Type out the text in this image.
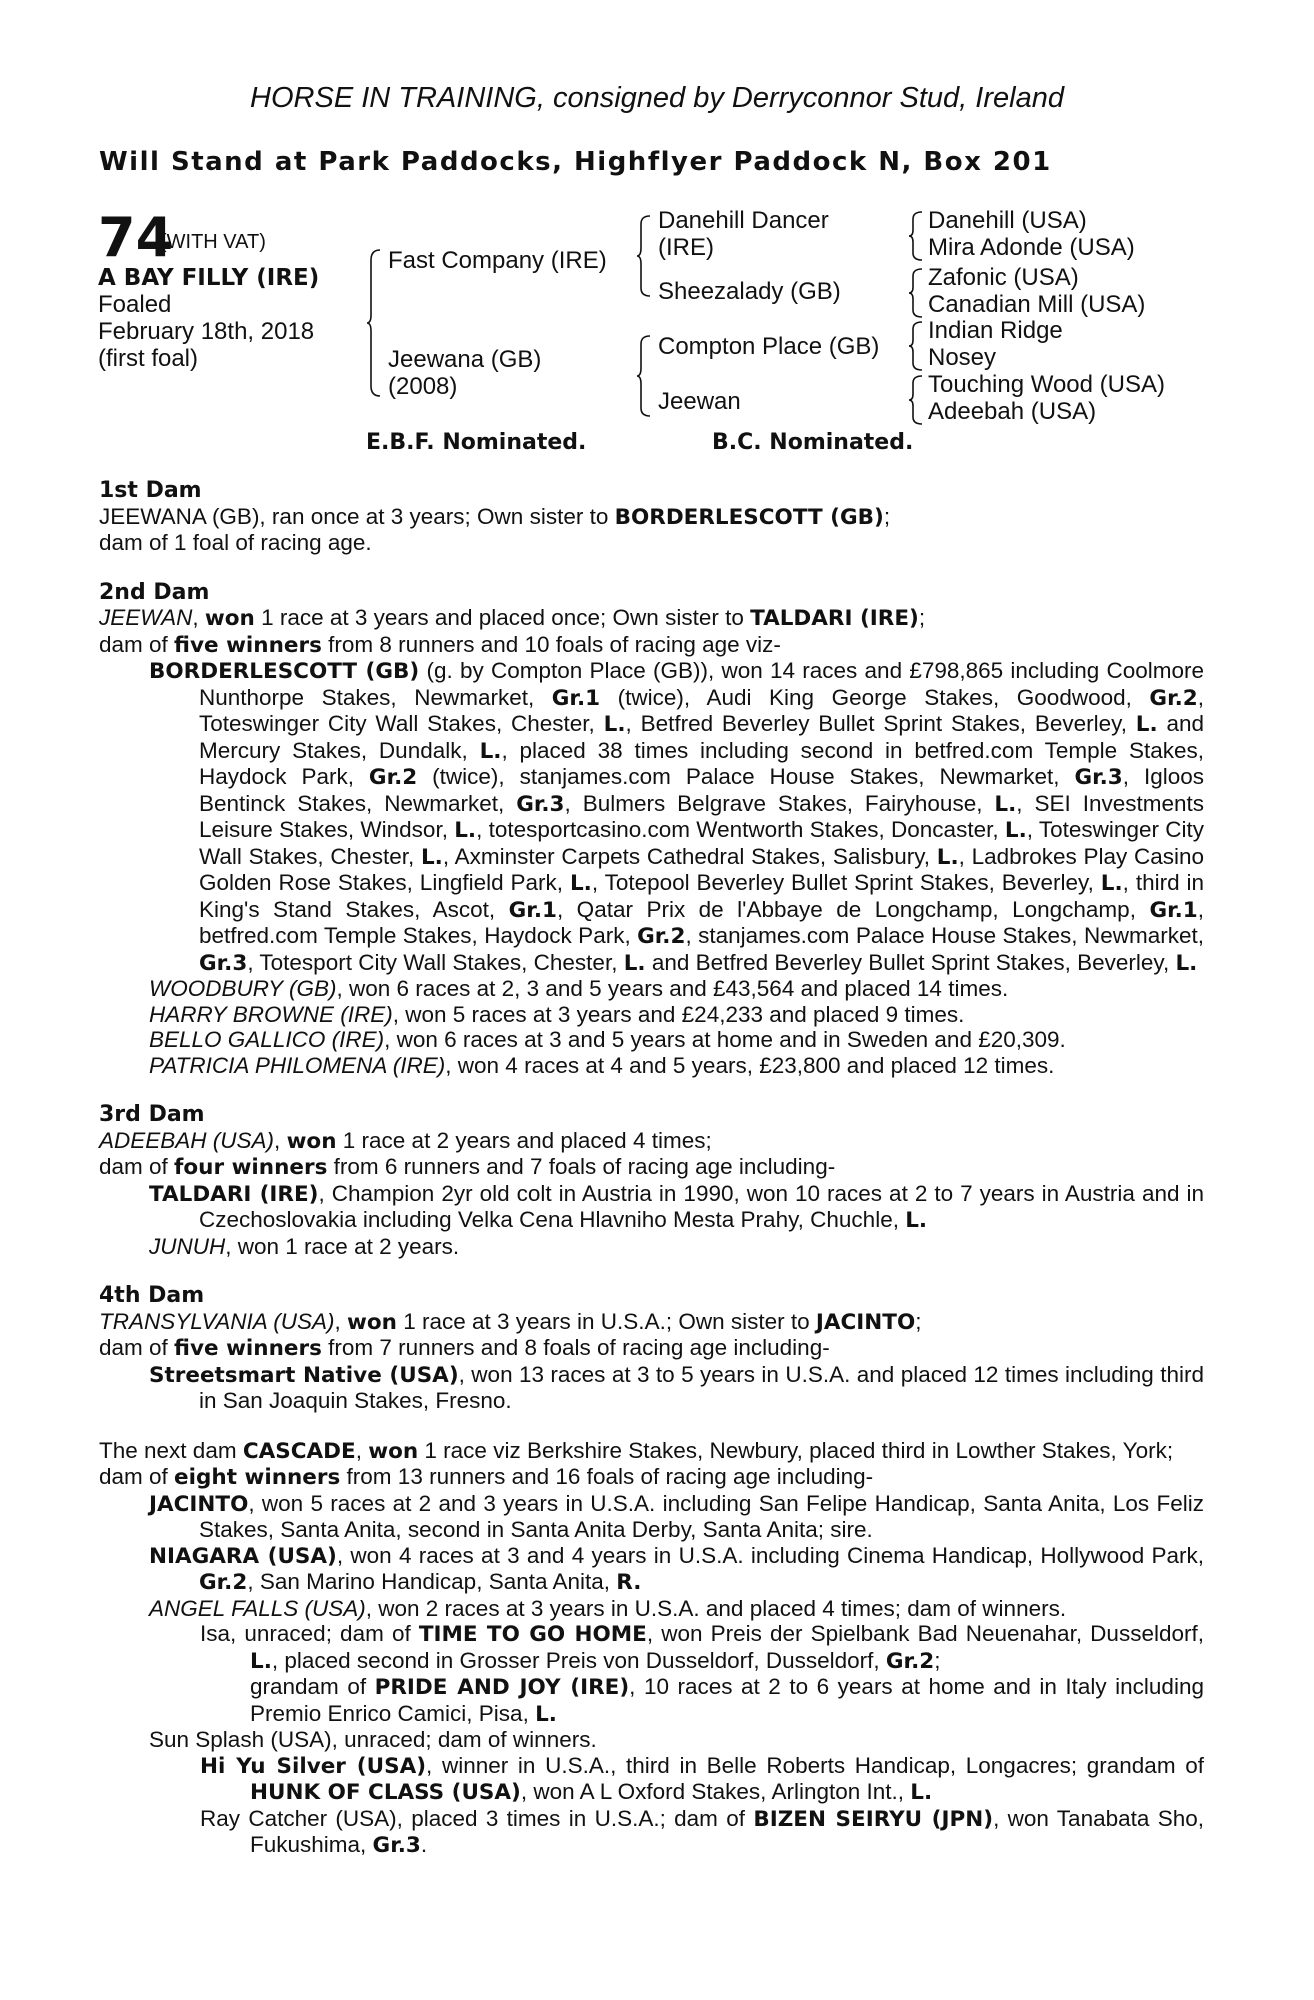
HORSE IN TRAINING, consigned by Derryconnor Stud, Ireland
Will Stand at Park Paddocks, Highflyer Paddock N, Box 201
74
(WITH VAT)
A BAY FILLY (IRE)
Foaled
February 18th, 2018
(first foal)
Fast Company (IRE)
Jeewana (GB)
(2008)
Danehill Dancer
(IRE)
Sheezalady (GB)
Compton Place (GB)
Jeewan
Danehill (USA)
Mira Adonde (USA)
Zafonic (USA)
Canadian Mill (USA)
Indian Ridge
Nosey
Touching Wood (USA)
Adeebah (USA)
E.B.F. Nominated.	B.C. Nominated.
1st Dam
JEEWANA (GB), ran once at 3 years; Own sister to BORDERLESCOTT (GB);
dam of 1 foal of racing age.
2nd Dam
JEEWAN, won 1 race at 3 years and placed once; Own sister to TALDARI (IRE);
dam of five winners from 8 runners and 10 foals of racing age viz-
BORDERLESCOTT (GB) (g. by Compton Place (GB)), won 14 races and £798,865 including Coolmore Nunthorpe Stakes, Newmarket, Gr.1 (twice), Audi King George Stakes, Goodwood, Gr.2, Toteswinger City Wall Stakes, Chester, L., Betfred Beverley Bullet Sprint Stakes, Beverley, L. and Mercury Stakes, Dundalk, L., placed 38 times including second in betfred.com Temple Stakes, Haydock Park, Gr.2 (twice), stanjames.com Palace House Stakes, Newmarket, Gr.3, Igloos Bentinck Stakes, Newmarket, Gr.3, Bulmers Belgrave Stakes, Fairyhouse, L., SEI Investments Leisure Stakes, Windsor, L., totesportcasino.com Wentworth Stakes, Doncaster, L., Toteswinger City Wall Stakes, Chester, L., Axminster Carpets Cathedral Stakes, Salisbury, L., Ladbrokes Play Casino Golden Rose Stakes, Lingfield Park, L., Totepool Beverley Bullet Sprint Stakes, Beverley, L., third in King's Stand Stakes, Ascot, Gr.1, Qatar Prix de l'Abbaye de Longchamp, Longchamp, Gr.1, betfred.com Temple Stakes, Haydock Park, Gr.2, stanjames.com Palace House Stakes, Newmarket, Gr.3, Totesport City Wall Stakes, Chester, L. and Betfred Beverley Bullet Sprint Stakes, Beverley, L.
WOODBURY (GB), won 6 races at 2, 3 and 5 years and £43,564 and placed 14 times.
HARRY BROWNE (IRE), won 5 races at 3 years and £24,233 and placed 9 times.
BELLO GALLICO (IRE), won 6 races at 3 and 5 years at home and in Sweden and £20,309.
PATRICIA PHILOMENA (IRE), won 4 races at 4 and 5 years, £23,800 and placed 12 times.
3rd Dam
ADEEBAH (USA), won 1 race at 2 years and placed 4 times;
dam of four winners from 6 runners and 7 foals of racing age including-
TALDARI (IRE), Champion 2yr old colt in Austria in 1990, won 10 races at 2 to 7 years in Austria and in Czechoslovakia including Velka Cena Hlavniho Mesta Prahy, Chuchle, L.
JUNUH, won 1 race at 2 years.
4th Dam
TRANSYLVANIA (USA), won 1 race at 3 years in U.S.A.; Own sister to JACINTO;
dam of five winners from 7 runners and 8 foals of racing age including-
Streetsmart Native (USA), won 13 races at 3 to 5 years in U.S.A. and placed 12 times including third in San Joaquin Stakes, Fresno.
The next dam CASCADE, won 1 race viz Berkshire Stakes, Newbury, placed third in Lowther Stakes, York;
dam of eight winners from 13 runners and 16 foals of racing age including-
JACINTO, won 5 races at 2 and 3 years in U.S.A. including San Felipe Handicap, Santa Anita, Los Feliz Stakes, Santa Anita, second in Santa Anita Derby, Santa Anita; sire.
NIAGARA (USA), won 4 races at 3 and 4 years in U.S.A. including Cinema Handicap, Hollywood Park, Gr.2, San Marino Handicap, Santa Anita, R.
ANGEL FALLS (USA), won 2 races at 3 years in U.S.A. and placed 4 times; dam of winners.
Isa, unraced; dam of TIME TO GO HOME, won Preis der Spielbank Bad Neuenahar, Dusseldorf, L., placed second in Grosser Preis von Dusseldorf, Dusseldorf, Gr.2;
grandam of PRIDE AND JOY (IRE), 10 races at 2 to 6 years at home and in Italy including Premio Enrico Camici, Pisa, L.
Sun Splash (USA), unraced; dam of winners.
Hi Yu Silver (USA), winner in U.S.A., third in Belle Roberts Handicap, Longacres; grandam of HUNK OF CLASS (USA), won A L Oxford Stakes, Arlington Int., L.
Ray Catcher (USA), placed 3 times in U.S.A.; dam of BIZEN SEIRYU (JPN), won Tanabata Sho, Fukushima, Gr.3.
